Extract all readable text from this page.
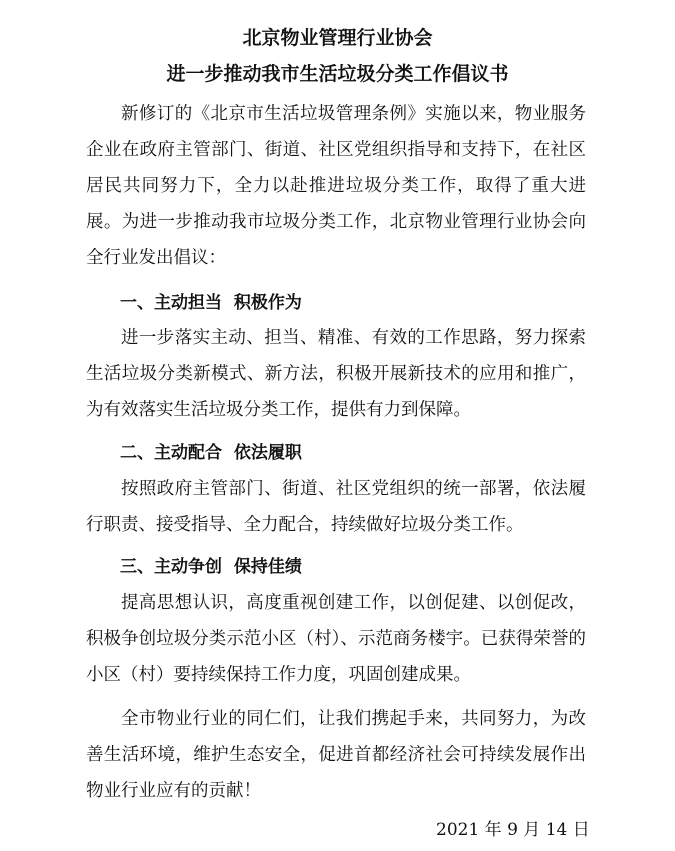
北京物业管理行业协会
进一步推动我市生活垃圾分类工作倡议书

新修订的《北京市生活垃圾管理条例》实施以来，物业服务企业在政府主管部门、街道、社区党组织指导和支持下，在社区居民共同努力下，全力以赴推进垃圾分类工作，取得了重大进展。为进一步推动我市垃圾分类工作，北京物业管理行业协会向全行业发出倡议：

一、主动担当  积极作为

进一步落实主动、担当、精准、有效的工作思路，努力探索生活垃圾分类新模式、新方法，积极开展新技术的应用和推广，为有效落实生活垃圾分类工作，提供有力到保障。

二、主动配合  依法履职

按照政府主管部门、街道、社区党组织的统一部署，依法履行职责、接受指导、全力配合，持续做好垃圾分类工作。

三、主动争创  保持佳绩

提高思想认识，高度重视创建工作，以创促建、以创促改，积极争创垃圾分类示范小区（村）、示范商务楼宇。已获得荣誉的小区（村）要持续保持工作力度，巩固创建成果。

全市物业行业的同仁们，让我们携起手来，共同努力，为改善生活环境，维护生态安全，促进首都经济社会可持续发展作出物业行业应有的贡献！

2021 年 9 月 14 日
